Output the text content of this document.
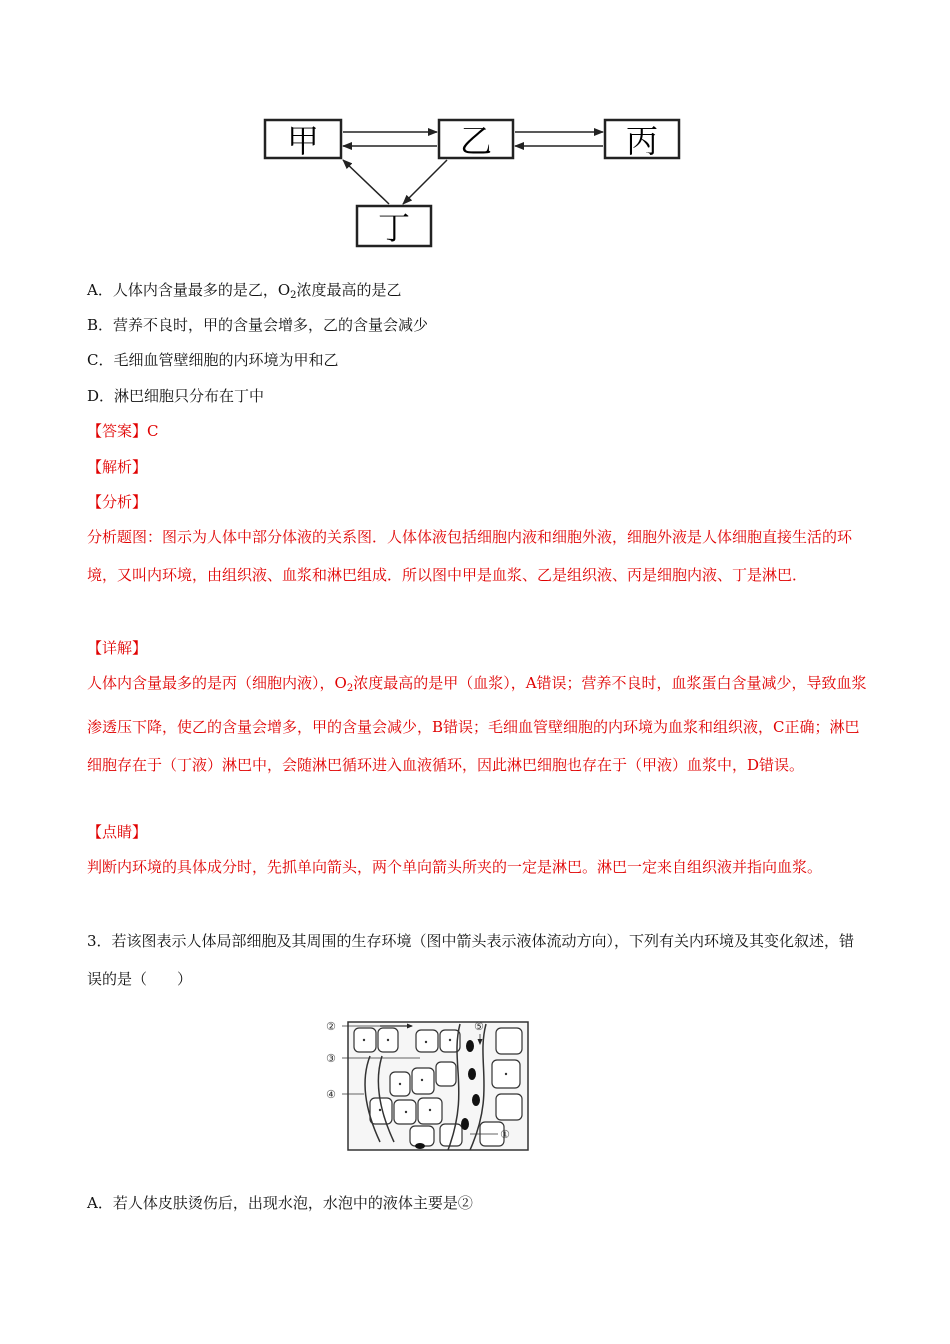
甲	乙	丙
丁
A．人体内含量最多的是乙，$O_2$浓度最高的是乙
B．营养不良时，甲的含量会增多，乙的含量会减少
C．毛细血管壁细胞的内环境为甲和乙
D．淋巴细胞只分布在丁中
【答案】C
【解析】
【分析】
分析题图：图示为人体中部分体液的关系图．人体体液包括细胞内液和细胞外液，细胞外液是人体细胞直接生活的环境，又叫内环境，由组织液、血浆和淋巴组成．所以图中甲是血浆、乙是组织液、丙是细胞内液、丁是淋巴．
【详解】
人体内含量最多的是丙（细胞内液），$O_2$浓度最高的是甲（血浆），A错误；营养不良时，血浆蛋白含量减少，导致血浆渗透压下降，使乙的含量会增多，甲的含量会减少，B错误；毛细血管壁细胞的内环境为血浆和组织液，C正确；淋巴细胞存在于（丁液）淋巴中，会随淋巴循环进入血液循环，因此淋巴细胞也存在于（甲液）血浆中，D错误。
【点睛】
判断内环境的具体成分时，先抓单向箭头，两个单向箭头所夹的一定是淋巴。淋巴一定来自组织液并指向血浆。
3．若该图表示人体局部细胞及其周围的生存环境（图中箭头表示液体流动方向），下列有关内环境及其变化叙述，错误的是（　　）
②
③
④
⑤
①
A．若人体皮肤烫伤后，出现水泡，水泡中的液体主要是②
